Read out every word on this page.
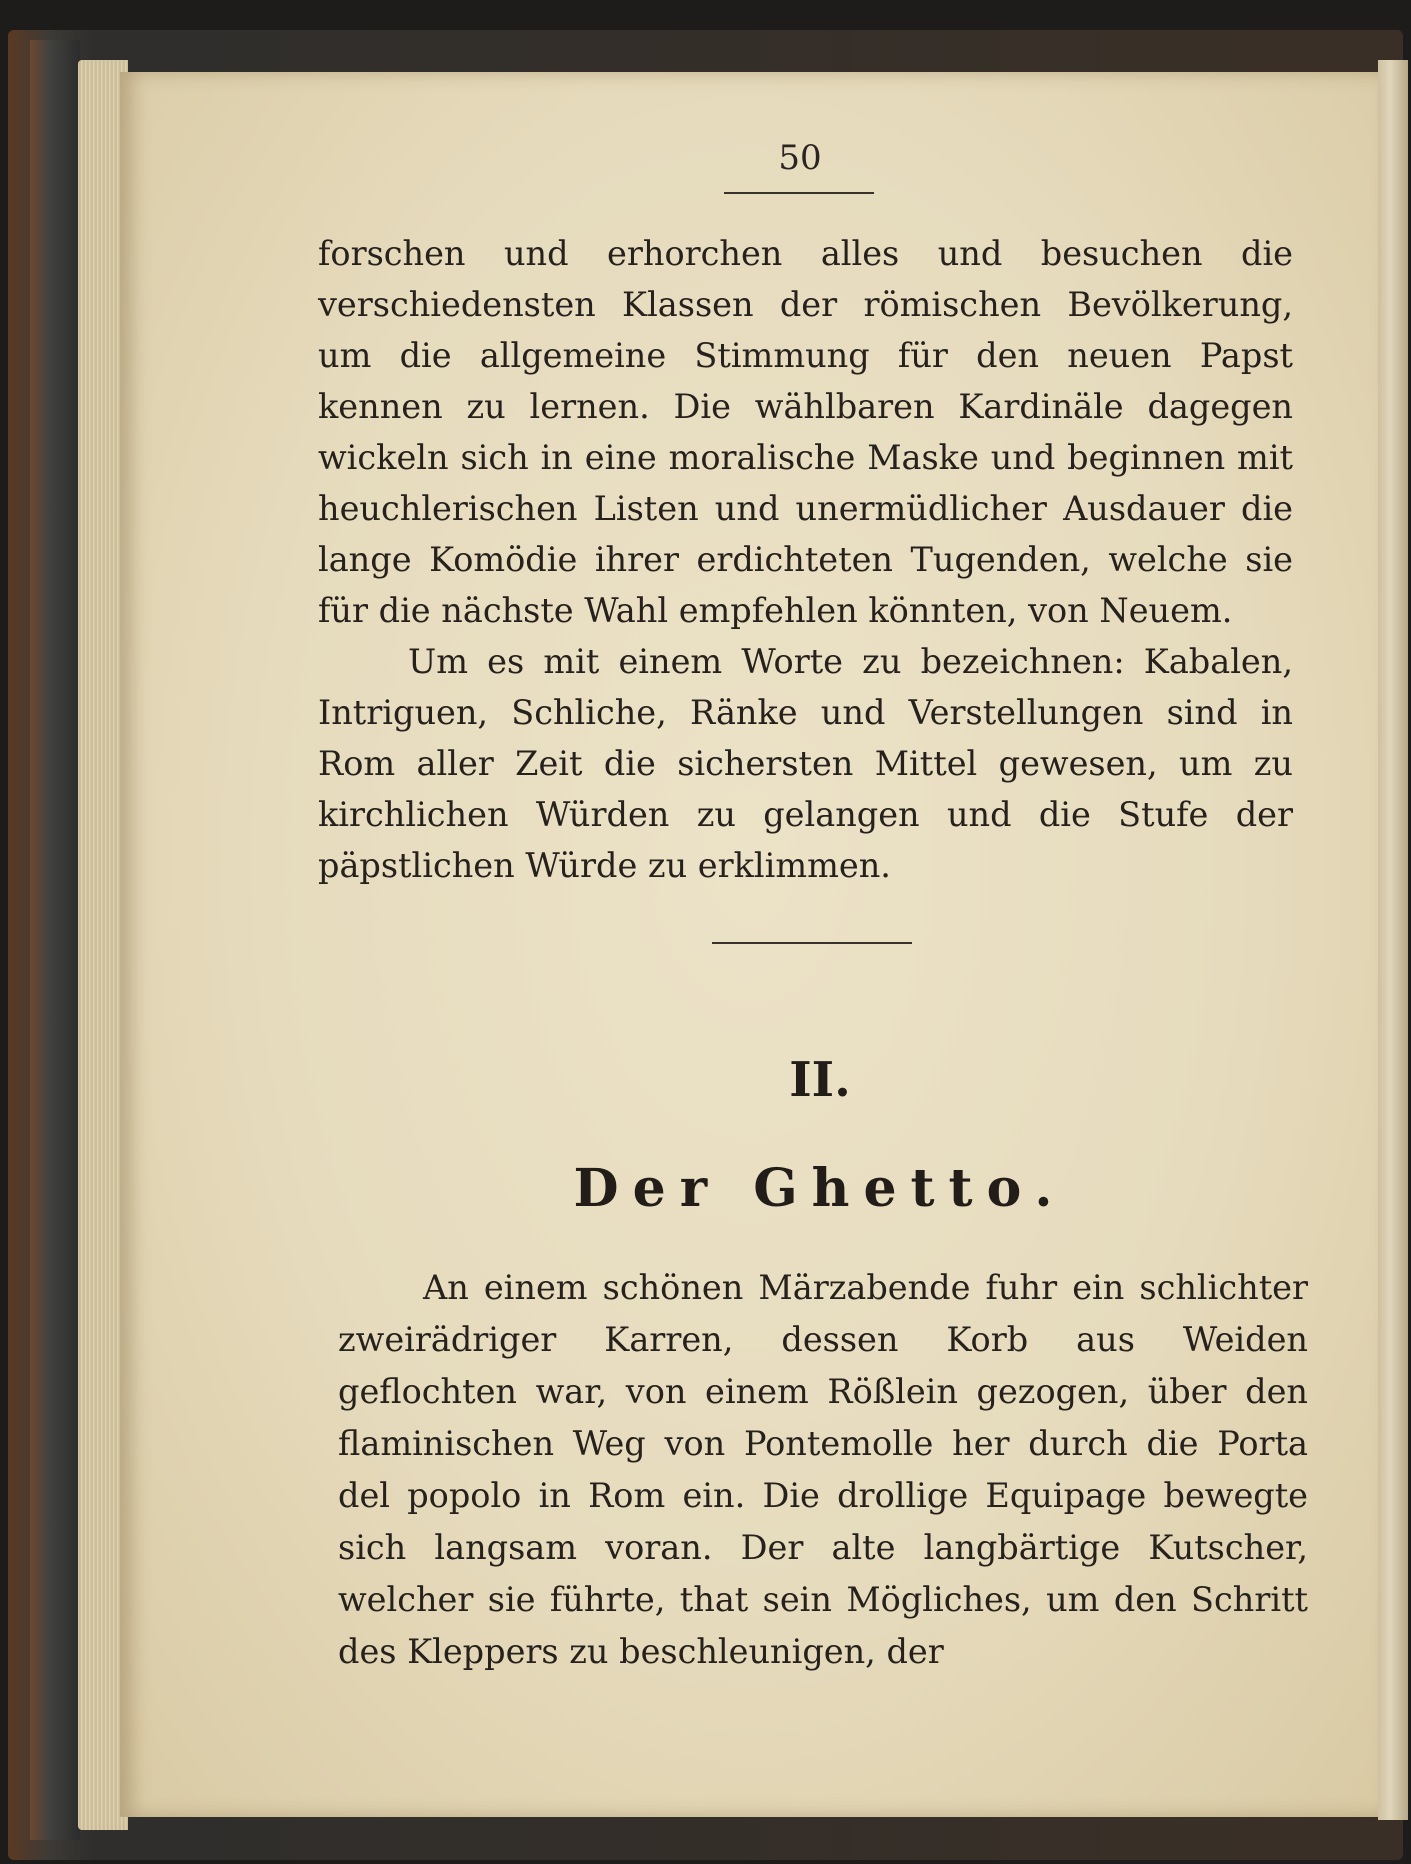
50

forschen und erhorchen alles und besuchen die verschiedensten Klassen der römischen Bevölkerung, um die allgemeine Stimmung für den neuen Papst kennen zu lernen. Die wählbaren Kardinäle dagegen wickeln sich in eine moralische Maske und beginnen mit heuchlerischen Listen und unermüdlicher Ausdauer die lange Komödie ihrer erdichteten Tugenden, welche sie für die nächste Wahl empfehlen könnten, von Neuem.

Um es mit einem Worte zu bezeichnen: Kabalen, Intriguen, Schliche, Ränke und Verstellungen sind in Rom aller Zeit die sichersten Mittel gewesen, um zu kirchlichen Würden zu gelangen und die Stufe der päpstlichen Würde zu erklimmen.

II.
Der Ghetto.

An einem schönen Märzabende fuhr ein schlichter zweirädriger Karren, dessen Korb aus Weiden geflochten war, von einem Rößlein gezogen, über den flaminischen Weg von Pontemolle her durch die Porta del popolo in Rom ein. Die drollige Equipage bewegte sich langsam voran. Der alte langbärtige Kutscher, welcher sie führte, that sein Mögliches, um den Schritt des Kleppers zu beschleunigen, der
